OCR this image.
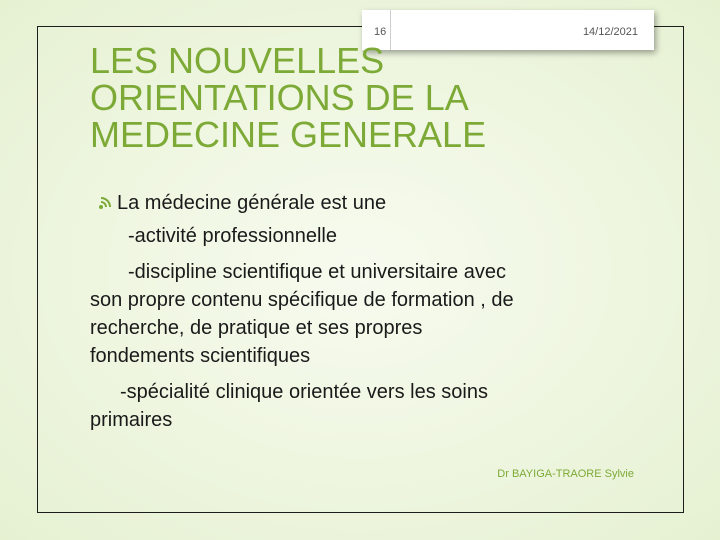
16	14/12/2021
LES NOUVELLES
ORIENTATIONS DE LA
MEDECINE GENERALE
La médecine générale est une
-activité professionnelle
-discipline scientifique et universitaire avec
son propre contenu spécifique de formation , de
recherche, de pratique et ses propres
fondements scientifiques
-spécialité clinique orientée vers les soins
primaires
Dr BAYIGA-TRAORE Sylvie
